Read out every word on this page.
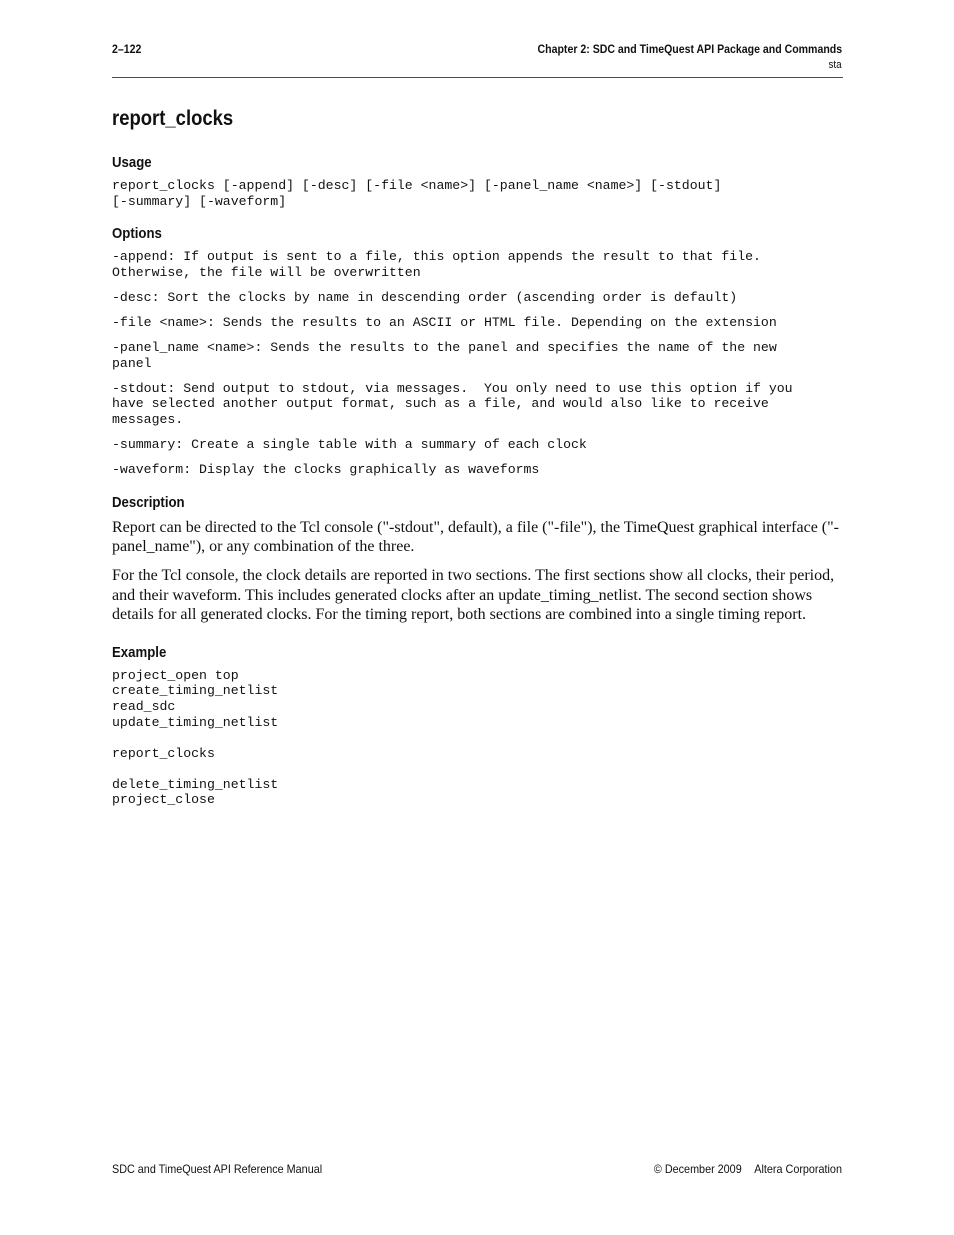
2–122	Chapter 2: SDC and TimeQuest API Package and Commands
sta
report_clocks
Usage
report_clocks [-append] [-desc] [-file <name>] [-panel_name <name>] [-stdout]
[-summary] [-waveform]
Options
-append: If output is sent to a file, this option appends the result to that file.
Otherwise, the file will be overwritten
-desc: Sort the clocks by name in descending order (ascending order is default)
-file <name>: Sends the results to an ASCII or HTML file. Depending on the extension
-panel_name <name>: Sends the results to the panel and specifies the name of the new
panel
-stdout: Send output to stdout, via messages.  You only need to use this option if you
have selected another output format, such as a file, and would also like to receive
messages.
-summary: Create a single table with a summary of each clock
-waveform: Display the clocks graphically as waveforms
Description

Report can be directed to the Tcl console ("-stdout", default), a file ("-file"), the TimeQuest graphical interface ("-panel_name"), or any combination of the three.

For the Tcl console, the clock details are reported in two sections. The first sections show all clocks, their period, and their waveform. This includes generated clocks after an update_timing_netlist. The second section shows details for all generated clocks. For the timing report, both sections are combined into a single timing report.

Example
project_open top
create_timing_netlist
read_sdc
update_timing_netlist
report_clocks
delete_timing_netlist
project_close
SDC and TimeQuest API Reference Manual	© December 2009 Altera Corporation
